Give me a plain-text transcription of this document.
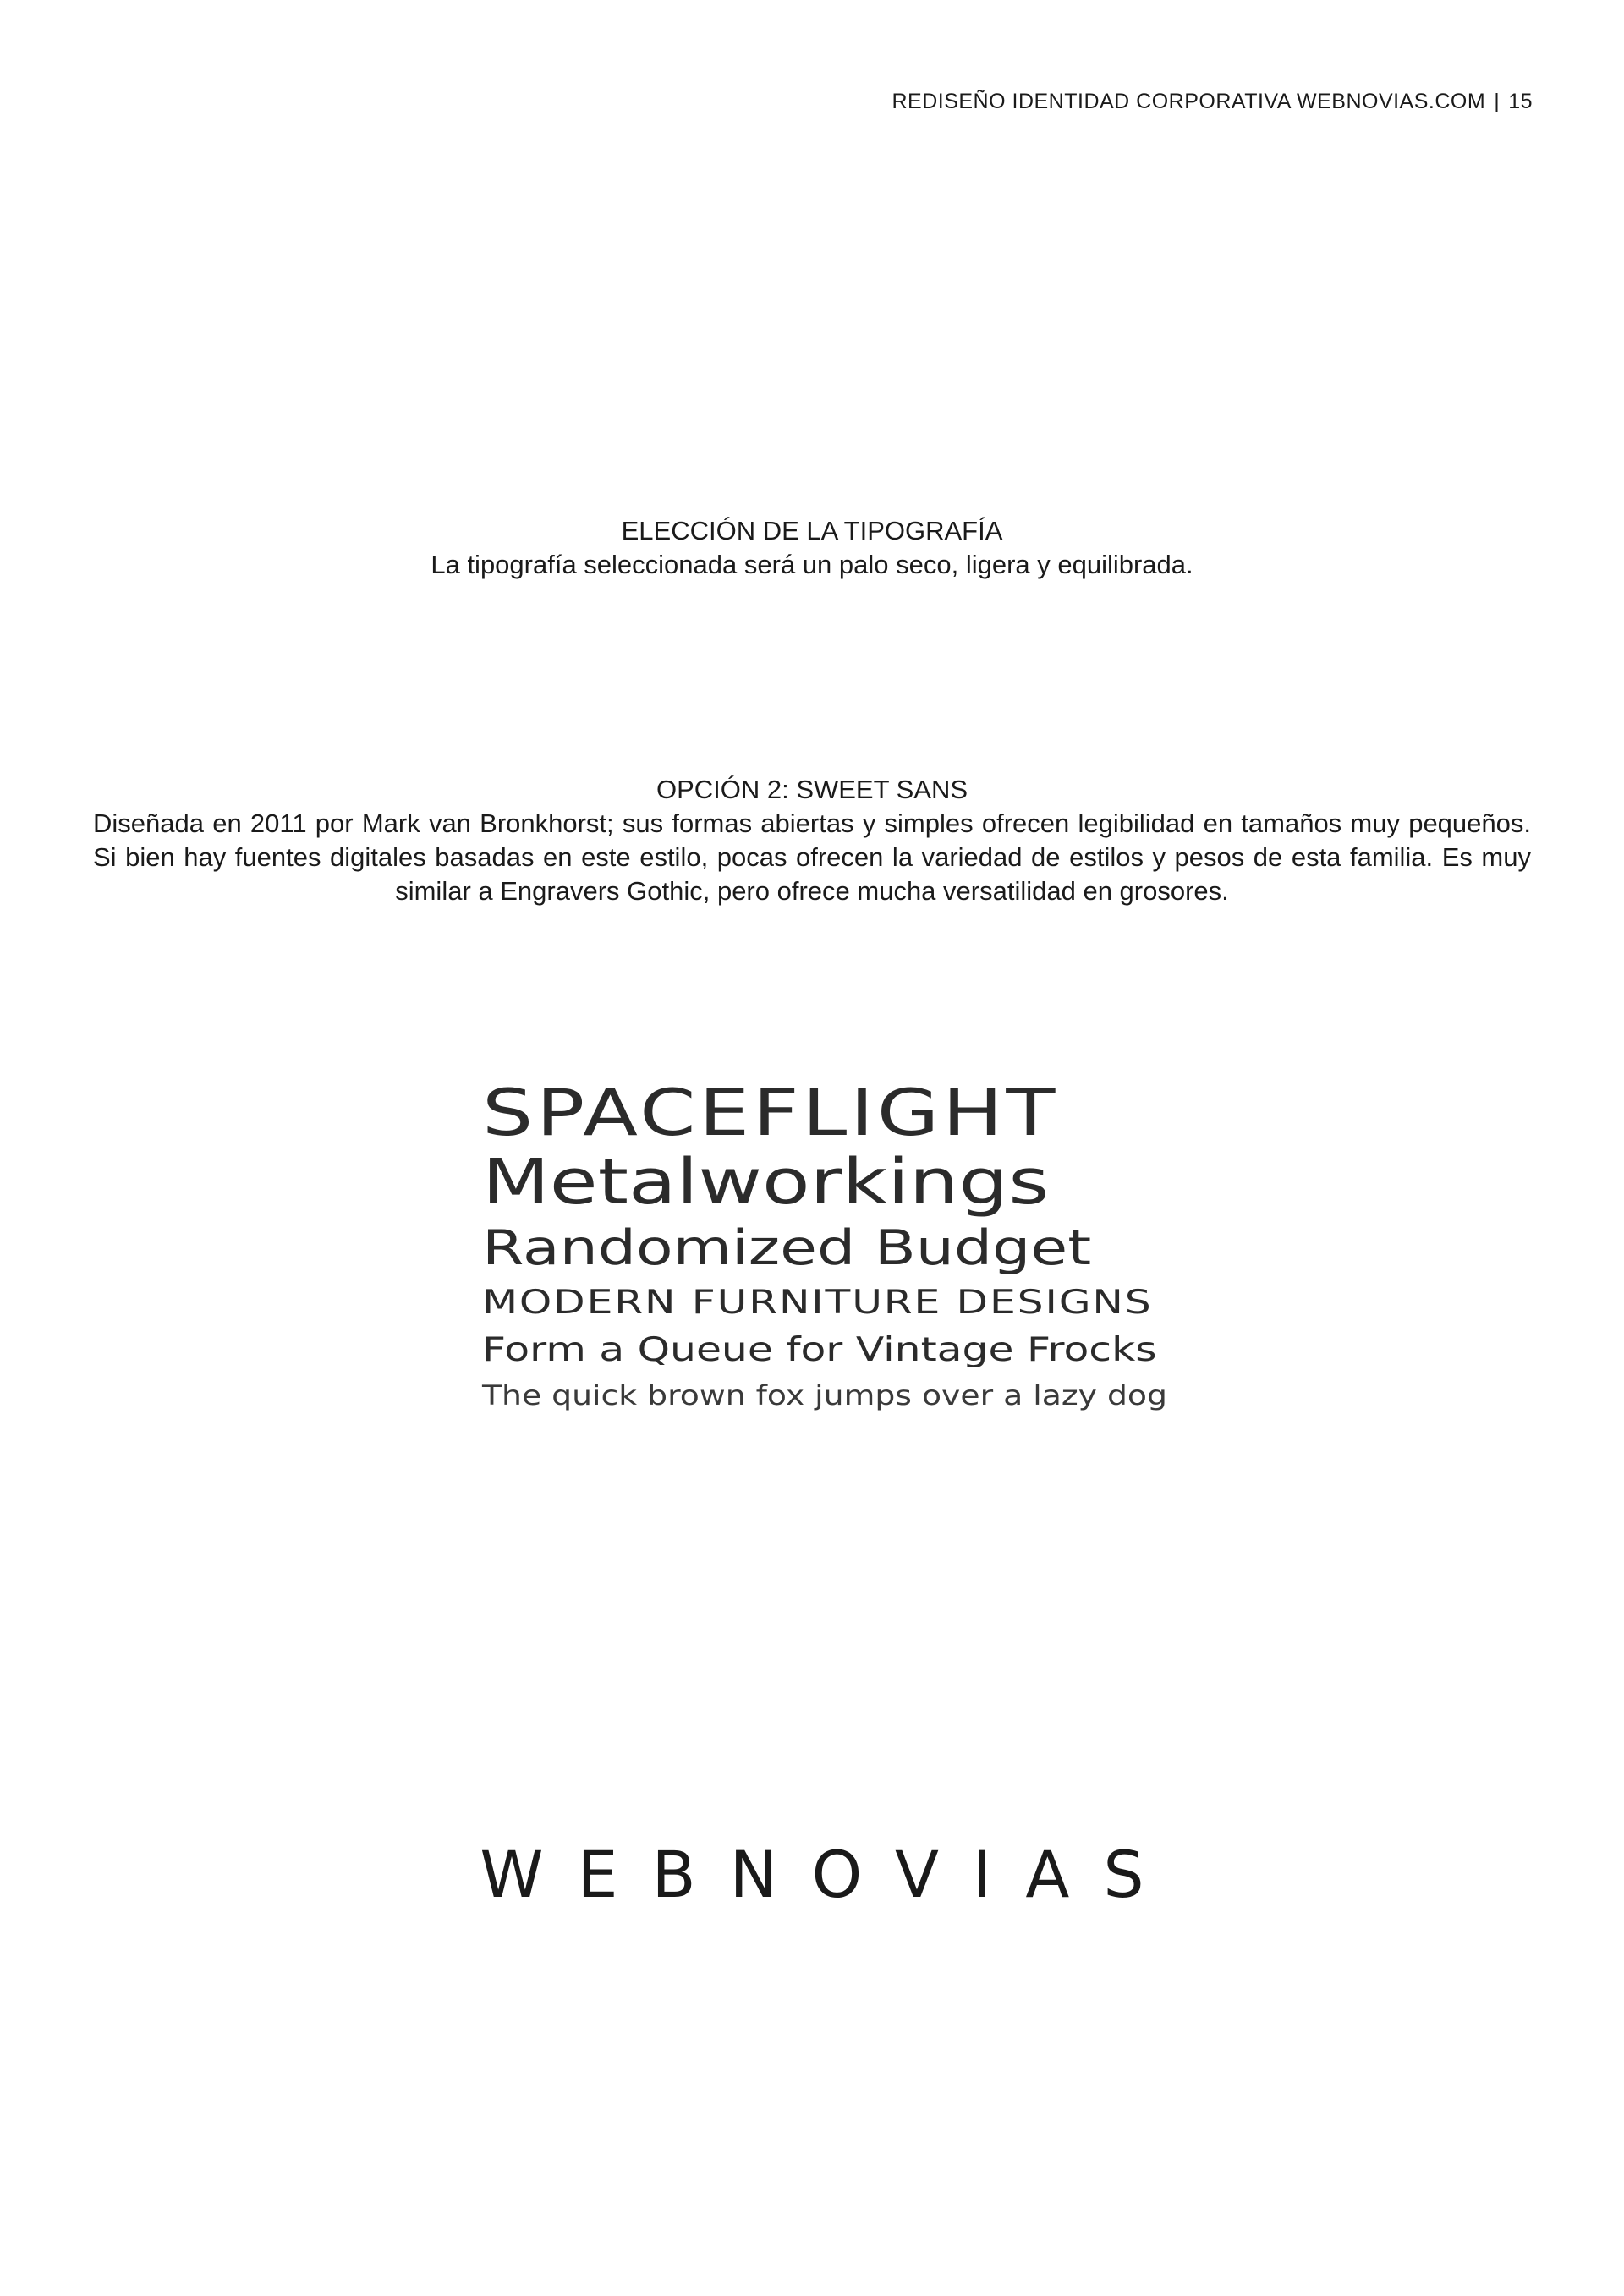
REDISEÑO IDENTIDAD CORPORATIVA WEBNOVIAS.COM | 15
ELECCIÓN DE LA TIPOGRAFÍA
La tipografía seleccionada será un palo seco, ligera y equilibrada.
OPCIÓN 2: SWEET SANS
Diseñada en 2011 por Mark van Bronkhorst; sus formas abiertas y simples ofrecen legibilidad en tamaños muy pequeños. Si bien hay fuentes digitales basadas en este estilo, pocas ofrecen la variedad de estilos y pesos de esta familia. Es muy similar a Engravers Gothic, pero ofrece mucha versatilidad en grosores.
SPACEFLIGHT
Metalworkings
Randomized Budget
MODERN FURNITURE DESIGNS
Form a Queue for Vintage Frocks
The quick brown fox jumps over a lazy dog
WEBNOVIAS
